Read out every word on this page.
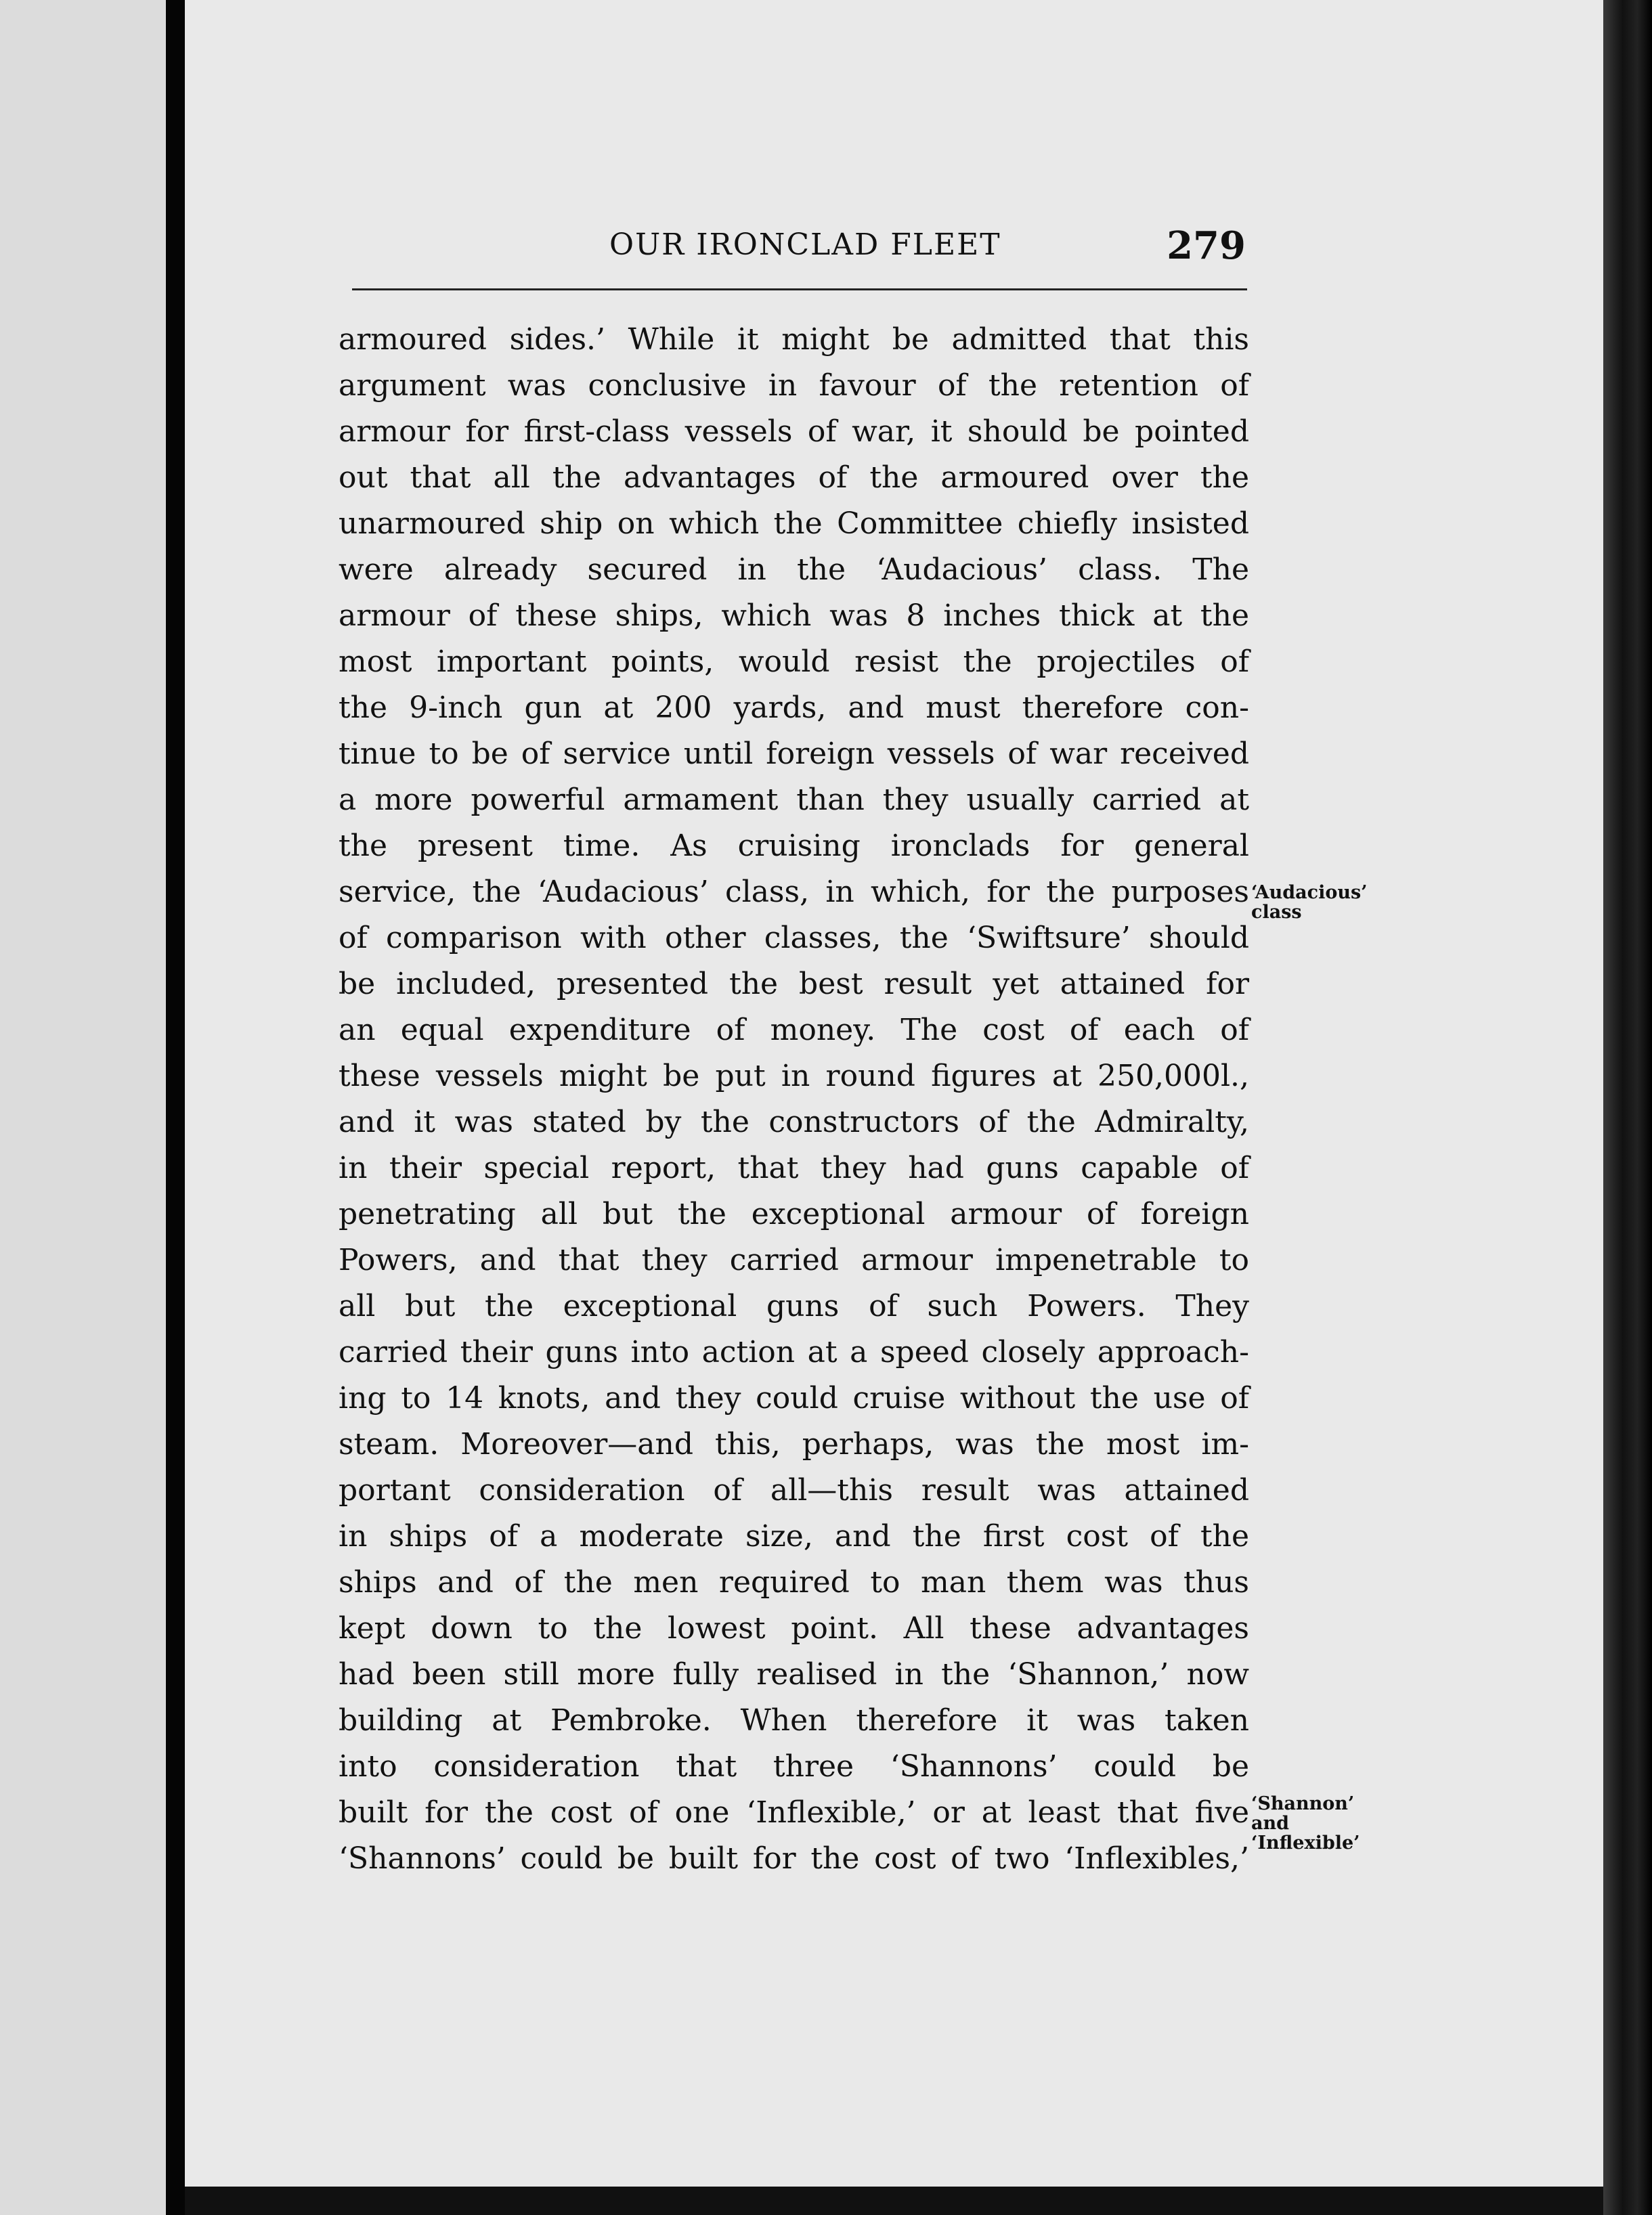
OUR IRONCLAD FLEET	279
armoured sides.’ While it might be admitted that this
argument was conclusive in favour of the retention of
armour for first-class vessels of war, it should be pointed
out that all the advantages of the armoured over the
unarmoured ship on which the Committee chiefly insisted
were already secured in the ‘Audacious’ class. The
armour of these ships, which was 8 inches thick at the
most important points, would resist the projectiles of
the 9-inch gun at 200 yards, and must therefore con-
tinue to be of service until foreign vessels of war received
a more powerful armament than they usually carried at
the present time. As cruising ironclads for general
service, the ‘Audacious’ class, in which, for the purposes
of comparison with other classes, the ‘Swiftsure’ should
be included, presented the best result yet attained for
an equal expenditure of money. The cost of each of
these vessels might be put in round figures at 250,000l.,
and it was stated by the constructors of the Admiralty,
in their special report, that they had guns capable of
penetrating all but the exceptional armour of foreign
Powers, and that they carried armour impenetrable to
all but the exceptional guns of such Powers. They
carried their guns into action at a speed closely approach-
ing to 14 knots, and they could cruise without the use of
steam. Moreover—and this, perhaps, was the most im-
portant consideration of all—this result was attained
in ships of a moderate size, and the first cost of the
ships and of the men required to man them was thus
kept down to the lowest point. All these advantages
had been still more fully realised in the ‘Shannon,’ now
building at Pembroke. When therefore it was taken
into consideration that three ‘Shannons’ could be
built for the cost of one ‘Inflexible,’ or at least that five
‘Shannons’ could be built for the cost of two ‘Inflexibles,’
‘Audacious’
class
‘Shannon’
and
‘Inflexible’
